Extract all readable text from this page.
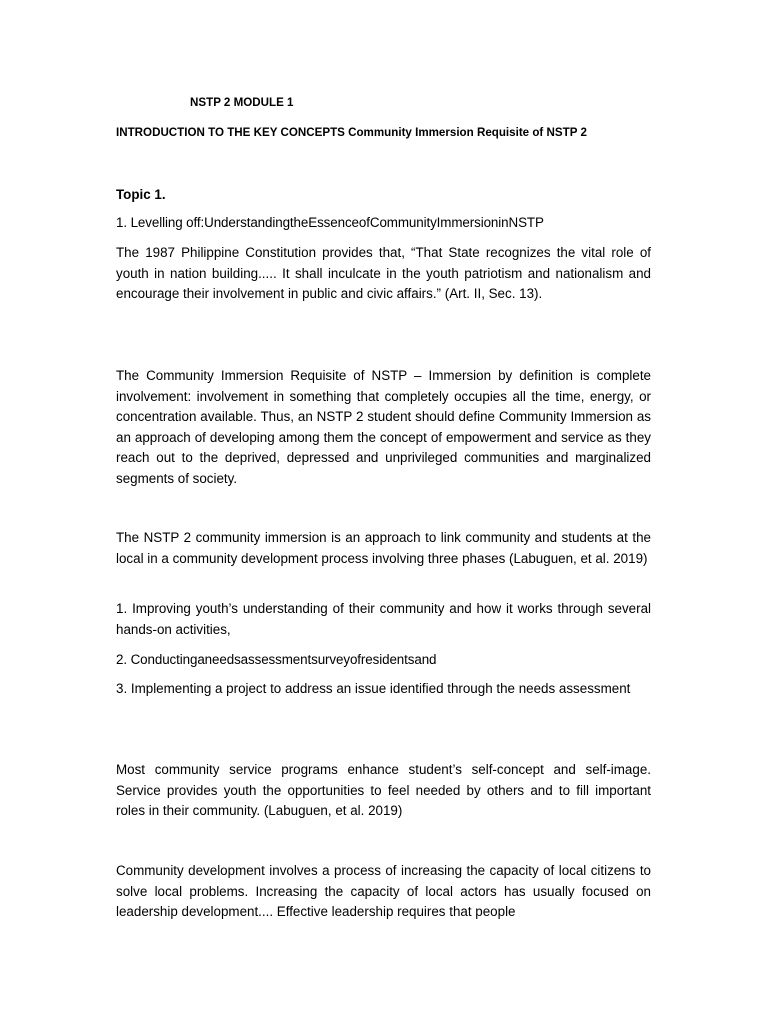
NSTP 2 MODULE 1

INTRODUCTION TO THE KEY CONCEPTS Community Immersion Requisite of NSTP 2

Topic 1.

1. Levelling off:UnderstandingtheEssenceofCommunityImmersioninNSTP

The 1987 Philippine Constitution provides that, “That State recognizes the vital role of youth in nation building..... It shall inculcate in the youth patriotism and nationalism and encourage their involvement in public and civic affairs.” (Art. II, Sec. 13).

The Community Immersion Requisite of NSTP – Immersion by definition is complete involvement: involvement in something that completely occupies all the time, energy, or concentration available. Thus, an NSTP 2 student should define Community Immersion as an approach of developing among them the concept of empowerment and service as they reach out to the deprived, depressed and unprivileged communities and marginalized segments of society.

The NSTP 2 community immersion is an approach to link community and students at the local in a community development process involving three phases (Labuguen, et al. 2019)

1. Improving youth’s understanding of their community and how it works through several hands-on activities,

2. Conductinganeedsassessmentsurveyofresidentsand

3. Implementing a project to address an issue identified through the needs assessment

Most community service programs enhance student’s self-concept and self-image. Service provides youth the opportunities to feel needed by others and to fill important roles in their community. (Labuguen, et al. 2019)

Community development involves a process of increasing the capacity of local citizens to solve local problems. Increasing the capacity of local actors has usually focused on leadership development.... Effective leadership requires that people
